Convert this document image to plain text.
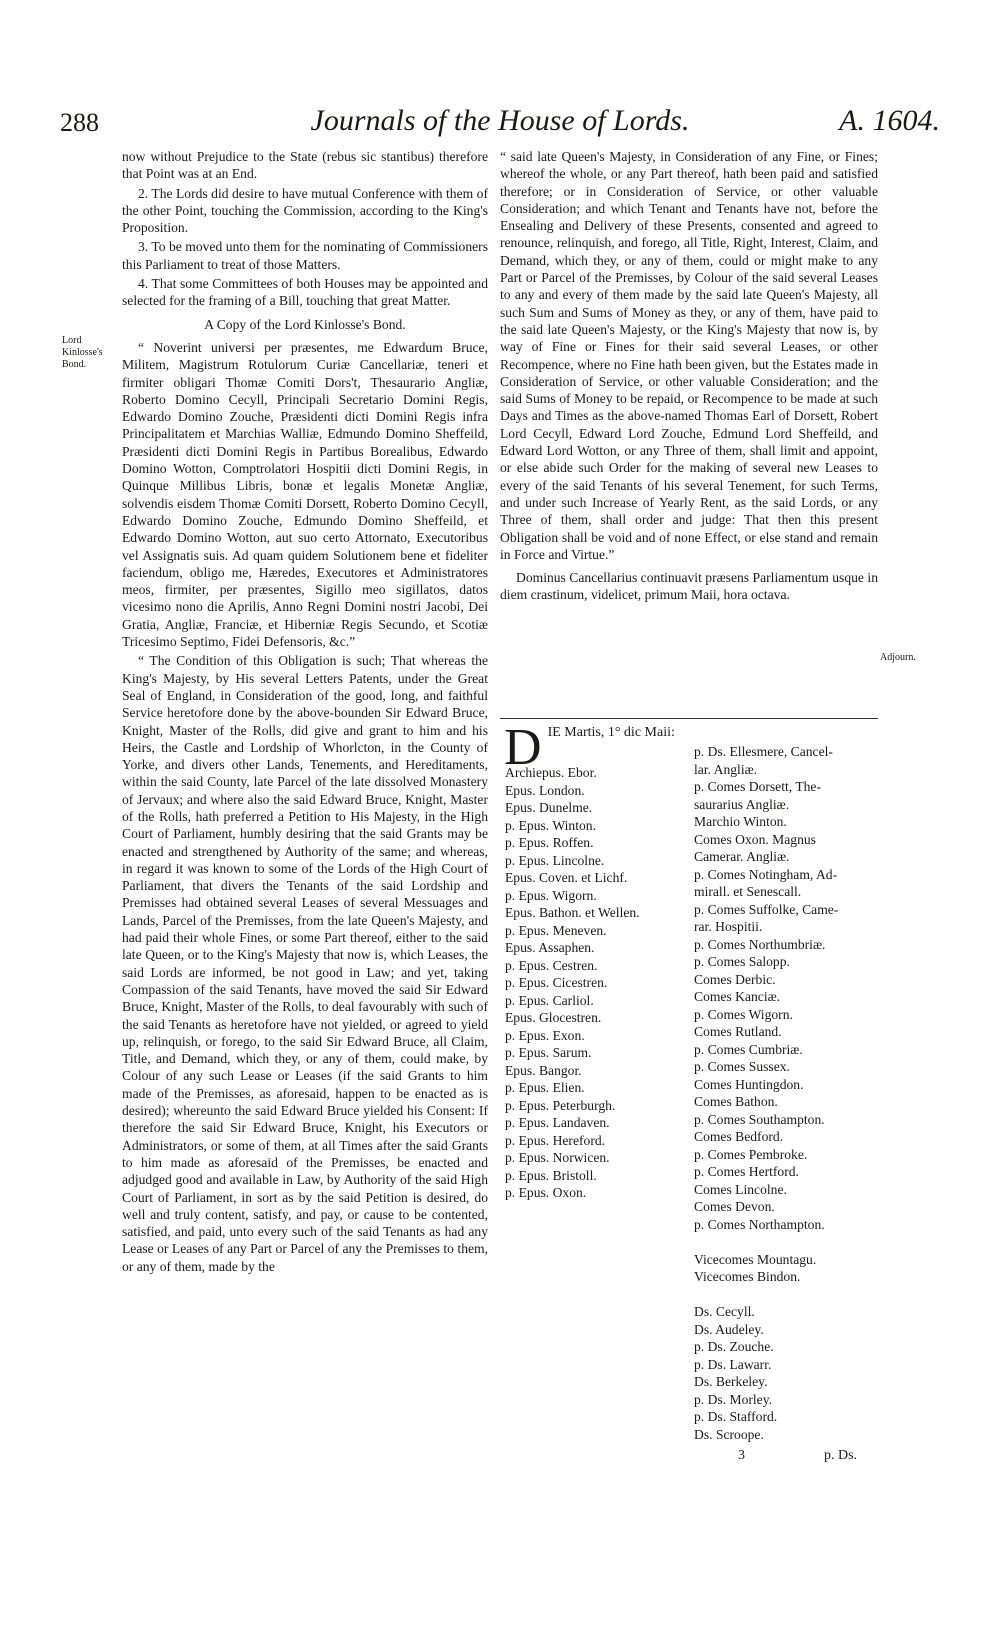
288	Journals of the House of Lords.	A. 1604.
Lord Kinlosse's Bond.

now without Prejudice to the State (rebus sic stantibus) therefore that Point was at an End.

2. The Lords did desire to have mutual Conference with them of the other Point, touching the Commission, according to the King's Proposition.

3. To be moved unto them for the nominating of Commissioners this Parliament to treat of those Matters.

4. That some Committees of both Houses may be appointed and selected for the framing of a Bill, touching that great Matter.

A Copy of the Lord Kinlosse's Bond.

“ Noverint universi per præsentes, me Edwardum Bruce, Militem, Magistrum Rotulorum Curiæ Cancellariæ, teneri et firmiter obligari Thomæ Comiti Dors't, Thesaurario Angliæ, Roberto Domino Cecyll, Principali Secretario Domini Regis, Edwardo Domino Zouche, Præsidenti dicti Domini Regis infra Principalitatem et Marchias Walliæ, Edmundo Domino Sheffeild, Præsidenti dicti Domini Regis in Partibus Borealibus, Edwardo Domino Wotton, Comptrolatori Hospitii dicti Domini Regis, in Quinque Millibus Libris, bonæ et legalis Monetæ Angliæ, solvendis eisdem Thomæ Comiti Dorsett, Roberto Domino Cecyll, Edwardo Domino Zouche, Edmundo Domino Sheffeild, et Edwardo Domino Wotton, aut suo certo Attornato, Executoribus vel Assignatis suis. Ad quam quidem Solutionem bene et fideliter faciendum, obligo me, Hæredes, Executores et Administratores meos, firmiter, per præsentes, Sigillo meo sigillatos, datos vicesimo nono die Aprilis, Anno Regni Domini nostri Jacobi, Dei Gratia, Angliæ, Franciæ, et Hiberniæ Regis Secundo, et Scotiæ Tricesimo Septimo, Fidei Defensoris, &c.”

“ The Condition of this Obligation is such; That whereas the King's Majesty, by His several Letters Patents, under the Great Seal of England, in Consideration of the good, long, and faithful Service heretofore done by the above-bounden Sir Edward Bruce, Knight, Master of the Rolls, did give and grant to him and his Heirs, the Castle and Lordship of Whorlcton, in the County of Yorke, and divers other Lands, Tenements, and Hereditaments, within the said County, late Parcel of the late dissolved Monastery of Jervaux; and where also the said Edward Bruce, Knight, Master of the Rolls, hath preferred a Petition to His Majesty, in the High Court of Parliament, humbly desiring that the said Grants may be enacted and strengthened by Authority of the same; and whereas, in regard it was known to some of the Lords of the High Court of Parliament, that divers the Tenants of the said Lordship and Premisses had obtained several Leases of several Messuages and Lands, Parcel of the Premisses, from the late Queen's Majesty, and had paid their whole Fines, or some Part thereof, either to the said late Queen, or to the King's Majesty that now is, which Leases, the said Lords are informed, be not good in Law; and yet, taking Compassion of the said Tenants, have moved the said Sir Edward Bruce, Knight, Master of the Rolls, to deal favourably with such of the said Tenants as heretofore have not yielded, or agreed to yield up, relinquish, or forego, to the said Sir Edward Bruce, all Claim, Title, and Demand, which they, or any of them, could make, by Colour of any such Lease or Leases (if the said Grants to him made of the Premisses, as aforesaid, happen to be enacted as is desired); whereunto the said Edward Bruce yielded his Consent: If therefore the said Sir Edward Bruce, Knight, his Executors or Administrators, or some of them, at all Times after the said Grants to him made as aforesaid of the Premisses, be enacted and adjudged good and available in Law, by Authority of the said High Court of Parliament, in sort as by the said Petition is desired, do well and truly content, satisfy, and pay, or cause to be contented, satisfied, and paid, unto every such of the said Tenants as had any Lease or Leases of any Part or Parcel of any the Premisses to them, or any of them, made by the

“ said late Queen's Majesty, in Consideration of any Fine, or Fines; whereof the whole, or any Part thereof, hath been paid and satisfied therefore; or in Consideration of Service, or other valuable Consideration; and which Tenant and Tenants have not, before the Ensealing and Delivery of these Presents, consented and agreed to renounce, relinquish, and forego, all Title, Right, Interest, Claim, and Demand, which they, or any of them, could or might make to any Part or Parcel of the Premisses, by Colour of the said several Leases to any and every of them made by the said late Queen's Majesty, all such Sum and Sums of Money as they, or any of them, have paid to the said late Queen's Majesty, or the King's Majesty that now is, by way of Fine or Fines for their said several Leases, or other Recompence, where no Fine hath been given, but the Estates made in Consideration of Service, or other valuable Consideration; and the said Sums of Money to be repaid, or Recompence to be made at such Days and Times as the above-named Thomas Earl of Dorsett, Robert Lord Cecyll, Edward Lord Zouche, Edmund Lord Sheffeild, and Edward Lord Wotton, or any Three of them, shall limit and appoint, or else abide such Order for the making of several new Leases to every of the said Tenants of his several Tenement, for such Terms, and under such Increase of Yearly Rent, as the said Lords, or any Three of them, shall order and judge: That then this present Obligation shall be void and of none Effect, or else stand and remain in Force and Virtue.”

Dominus Cancellarius continuavit præsens Parliamentum usque in diem crastinum, videlicet, primum Maii, hora octava.

Adjourn.
D IE Martis, 1° dic Maii:
Archiepus. Ebor.
Epus. London.
Epus. Dunelme.
p. Epus. Winton.
p. Epus. Roffen.
p. Epus. Lincolne.
Epus. Coven. et Lichf.
p. Epus. Wigorn.
Epus. Bathon. et Wellen.
p. Epus. Meneven.
Epus. Assaphen.
p. Epus. Cestren.
p. Epus. Cicestren.
p. Epus. Carliol.
Epus. Glocestren.
p. Epus. Exon.
p. Epus. Sarum.
Epus. Bangor.
p. Epus. Elien.
p. Epus. Peterburgh.
p. Epus. Landaven.
p. Epus. Hereford.
p. Epus. Norwicen.
p. Epus. Bristoll.
p. Epus. Oxon.
p. Ds. Ellesmere, Cancel-
lar. Angliæ.
p. Comes Dorsett, The-
saurarius Angliæ.
Marchio Winton.
Comes Oxon. Magnus
Camerar. Angliæ.
p. Comes Notingham, Ad-
mirall. et Senescall.
p. Comes Suffolke, Came-
rar. Hospitii.
p. Comes Northumbriæ.
p. Comes Salopp.
Comes Derbic.
Comes Kanciæ.
p. Comes Wigorn.
Comes Rutland.
p. Comes Cumbriæ.
p. Comes Sussex.
Comes Huntingdon.
Comes Bathon.
p. Comes Southampton.
Comes Bedford.
p. Comes Pembroke.
p. Comes Hertford.
Comes Lincolne.
Comes Devon.
p. Comes Northampton.

Vicecomes Mountagu.
Vicecomes Bindon.

Ds. Cecyll.
Ds. Audeley.
p. Ds. Zouche.
p. Ds. Lawarr.
Ds. Berkeley.
p. Ds. Morley.
p. Ds. Stafford.
Ds. Scroope.
3	p. Ds.
